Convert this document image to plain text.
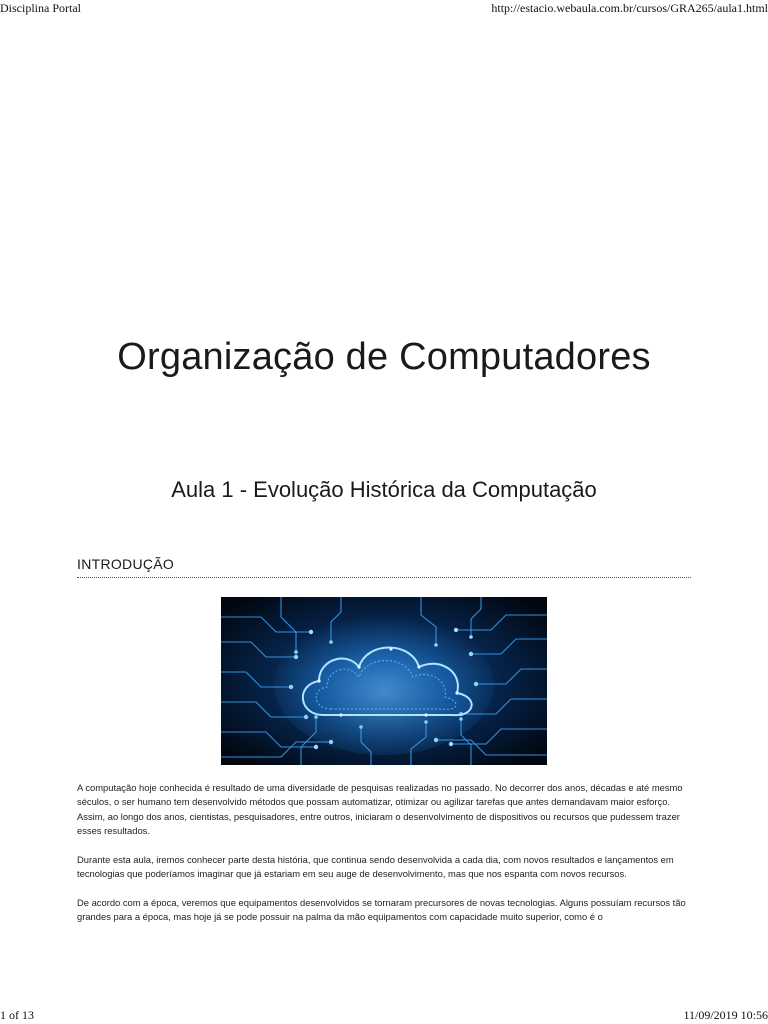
Disciplina Portal	http://estacio.webaula.com.br/cursos/GRA265/aula1.html
Organização de Computadores
Aula 1 - Evolução Histórica da Computação
INTRODUÇÃO

A computação hoje conhecida é resultado de uma diversidade de pesquisas realizadas no passado. No decorrer dos anos, décadas e até mesmo séculos, o ser humano tem desenvolvido métodos que possam automatizar, otimizar ou agilizar tarefas que antes demandavam maior esforço. Assim, ao longo dos anos, cientistas, pesquisadores, entre outros, iniciaram o desenvolvimento de dispositivos ou recursos que pudessem trazer esses resultados.

Durante esta aula, iremos conhecer parte desta história, que continua sendo desenvolvida a cada dia, com novos resultados e lançamentos em tecnologias que poderíamos imaginar que já estariam em seu auge de desenvolvimento, mas que nos espanta com novos recursos.

De acordo com a época, veremos que equipamentos desenvolvidos se tornaram precursores de novas tecnologias. Alguns possuíam recursos tão grandes para a época, mas hoje já se pode possuir na palma da mão equipamentos com capacidade muito superior, como é o

1 of 13	11/09/2019 10:56
